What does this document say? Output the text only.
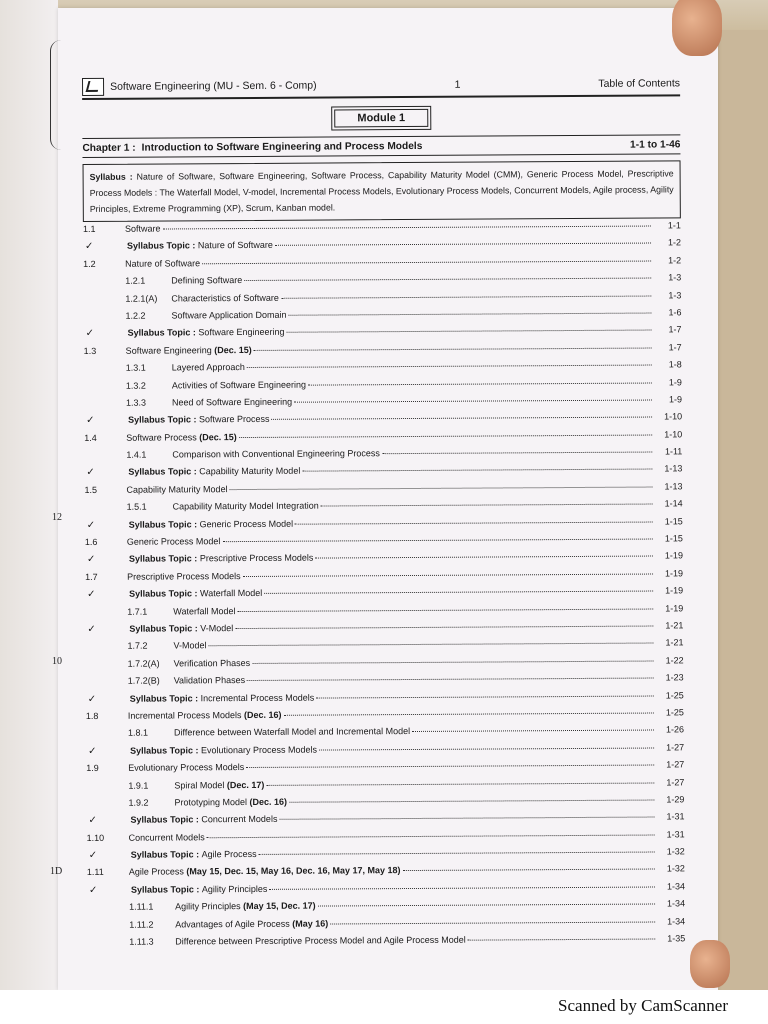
12
10
1D
Software Engineering (MU - Sem. 6 - Comp)	1	Table of Contents
Module 1
Chapter 1 : Introduction to Software Engineering and Process Models	1-1 to 1-46
Syllabus : Nature of Software, Software Engineering, Software Process, Capability Maturity Model (CMM), Generic Process Model, Prescriptive Process Models : The Waterfall Model, V-model, Incremental Process Models, Evolutionary Process Models, Concurrent Models, Agile process, Agility Principles, Extreme Programming (XP), Scrum, Kanban model.
1.1	Software	1-1
✓	Syllabus Topic : Nature of Software	1-2
1.2	Nature of Software	1-2
1.2.1	Defining Software	1-3
1.2.1(A)	Characteristics of Software	1-3
1.2.2	Software Application Domain	1-6
✓	Syllabus Topic : Software Engineering	1-7
1.3	Software Engineering (Dec. 15)	1-7
1.3.1	Layered Approach	1-8
1.3.2	Activities of Software Engineering	1-9
1.3.3	Need of Software Engineering	1-9
✓	Syllabus Topic : Software Process	1-10
1.4	Software Process (Dec. 15)	1-10
1.4.1	Comparison with Conventional Engineering Process	1-11
✓	Syllabus Topic : Capability Maturity Model	1-13
1.5	Capability Maturity Model	1-13
1.5.1	Capability Maturity Model Integration	1-14
✓	Syllabus Topic : Generic Process Model	1-15
1.6	Generic Process Model	1-15
✓	Syllabus Topic : Prescriptive Process Models	1-19
1.7	Prescriptive Process Models	1-19
✓	Syllabus Topic : Waterfall Model	1-19
1.7.1	Waterfall Model	1-19
✓	Syllabus Topic : V-Model	1-21
1.7.2	V-Model	1-21
1.7.2(A)	Verification Phases	1-22
1.7.2(B)	Validation Phases	1-23
✓	Syllabus Topic : Incremental Process Models	1-25
1.8	Incremental Process Models (Dec. 16)	1-25
1.8.1	Difference between Waterfall Model and Incremental Model	1-26
✓	Syllabus Topic : Evolutionary Process Models	1-27
1.9	Evolutionary Process Models	1-27
1.9.1	Spiral Model (Dec. 17)	1-27
1.9.2	Prototyping Model (Dec. 16)	1-29
✓	Syllabus Topic : Concurrent Models	1-31
1.10	Concurrent Models	1-31
✓	Syllabus Topic : Agile Process	1-32
1.11	Agile Process (May 15, Dec. 15, May 16, Dec. 16, May 17, May 18)	1-32
✓	Syllabus Topic : Agility Principles	1-34
1.11.1	Agility Principles (May 15, Dec. 17)	1-34
1.11.2	Advantages of Agile Process (May 16)	1-34
1.11.3	Difference between Prescriptive Process Model and Agile Process Model	1-35
Scanned by CamScanner
